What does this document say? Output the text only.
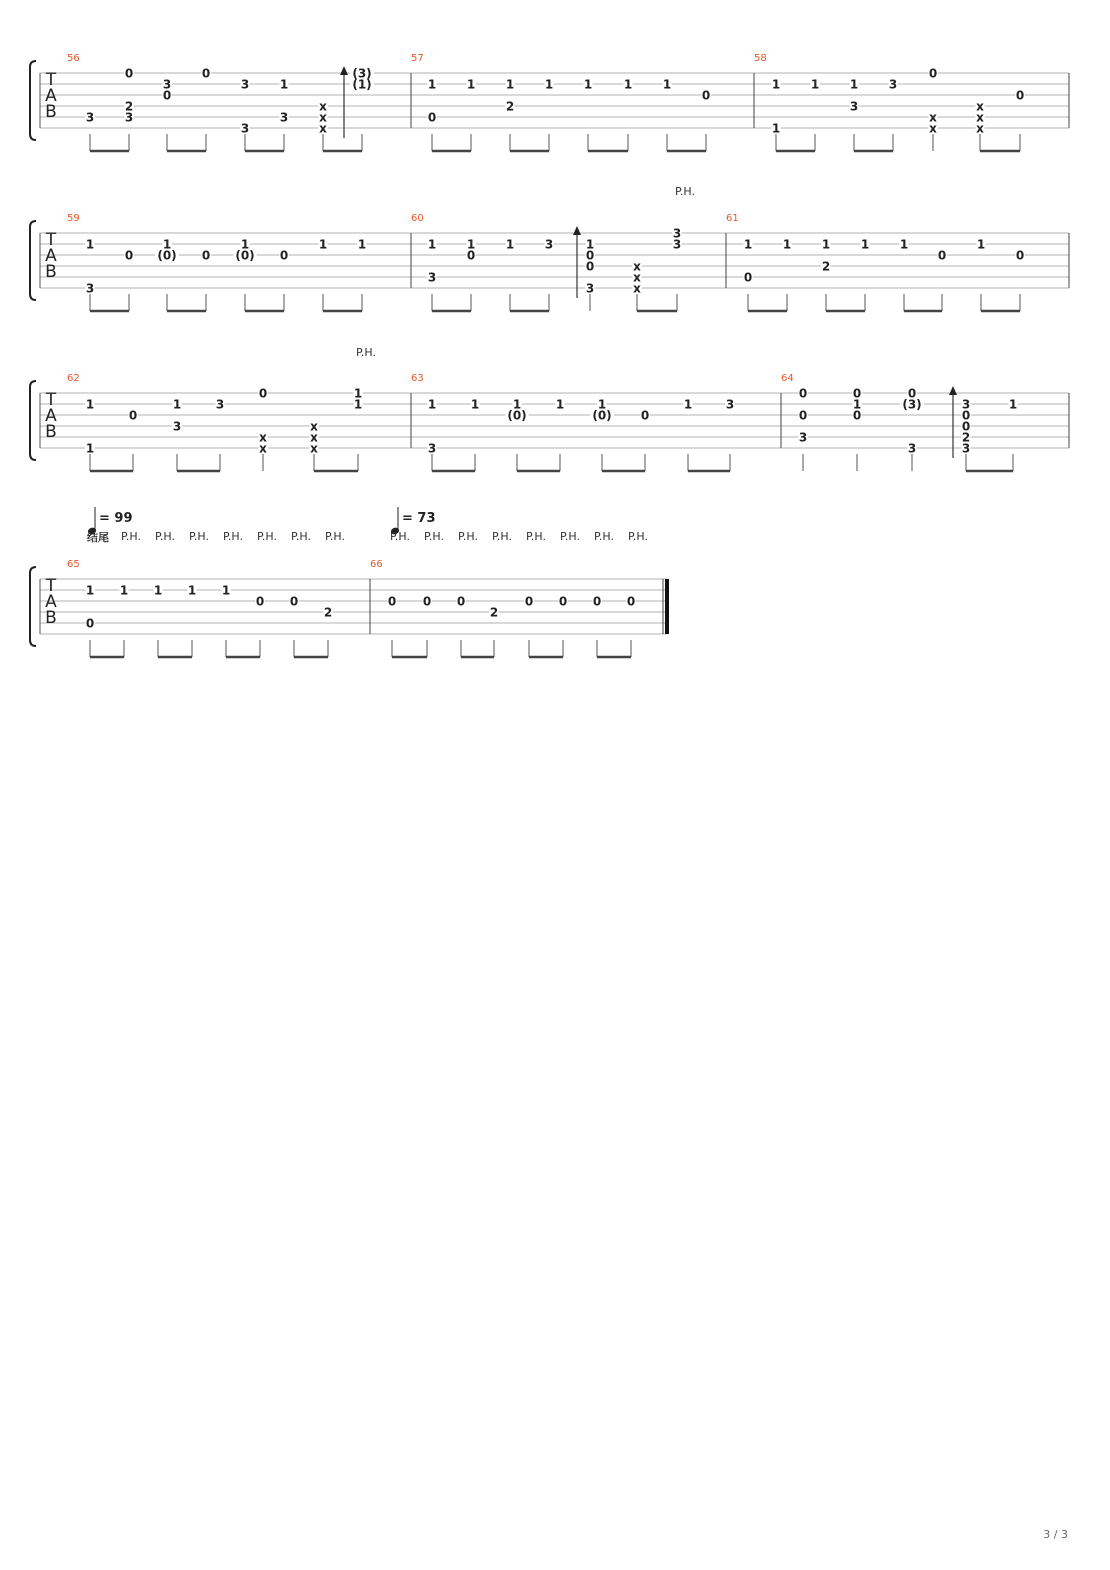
T
A
B
T
A
B
T
A
B
T
A
B
56	57	58
59	60	61
62	63	64
65	66
3
0
2
3
3
0
0
3
3
1
3
x
x
x
(3)
(1)	1
0
1	1
2
1	1	1	1
0
1
1
1	1
3
3
0
x
x
x
x
x
0
1
3
0
1
(0) 0
1
(0) 0
1	1	1
3
1
0
1	3	1
0
0
3
x
x
x
3
3	1
0
1	1
2
1	1
0
1
0
1
1
0
1
3
3
0
x
x
x
x
x
1
1	1
3
1	1
(0)
1	1
(0) 0
1	3
0
0
3
0
1
0
0
(3)
3
3
0
0
2
3
1
1
0
1 1 1 1
0 0
2
0 0 0
2
0 0 0 0
P.H.
P.H.
P.H. P.H. P.H. P.H. P.H. P.H. P.H.	P.H. P.H. P.H. P.H. P.H. P.H. P.H. P.H.
= 99
结尾
= 73
3 / 3
